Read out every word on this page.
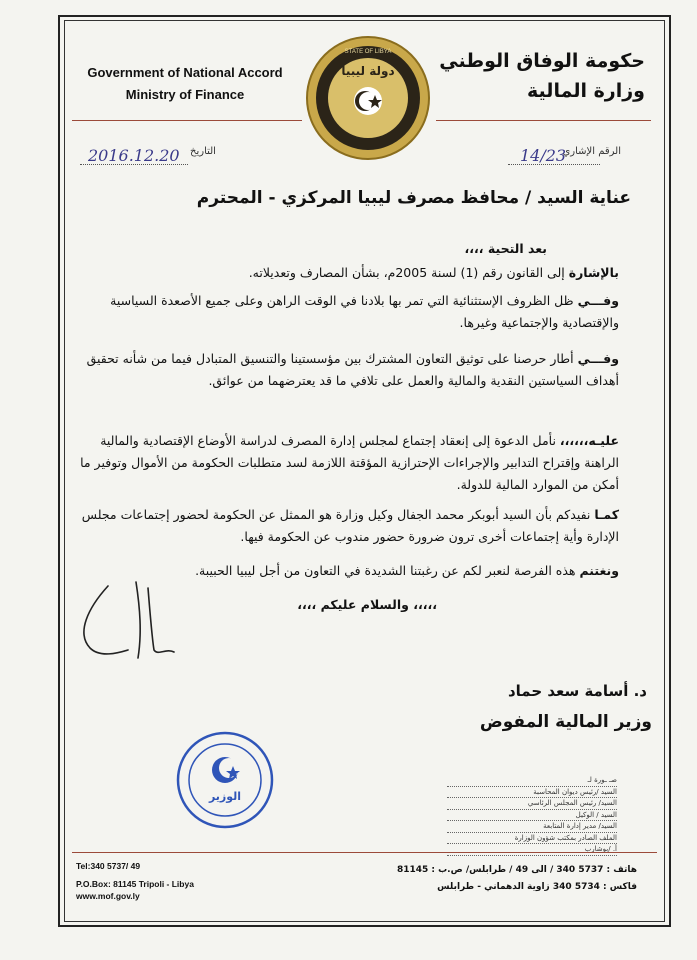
Government of National Accord
Ministry of Finance
حكومة الوفاق الوطني
وزارة المالية
دولة ليبيا
STATE OF LIBYA
الرقم الإشاري
14/23
التاريخ
2016.12.20
عناية السيد / محافظ مصرف ليبيا المركزي - المحترم
بعد التحية ،،،،
بالإشارة إلى القانون رقم (1) لسنة 2005م، بشأن المصارف وتعديلاته.
وفـــي ظل الظروف الإستثنائية التي تمر بها بلادنا في الوقت الراهن وعلى جميع الأصعدة السياسية والإقتصادية والإجتماعية وغيرها.
وفـــي أطار حرصنا على توثيق التعاون المشترك بين مؤسستينا والتنسيق المتبادل فيما من شأنه تحقيق أهداف السياستين النقدية والمالية والعمل على تلافي ما قد يعترضهما من عوائق.
عليـه،،،،،، نأمل الدعوة إلى إنعقاد إجتماع لمجلس إدارة المصرف لدراسة الأوضاع الإقتصادية والمالية الراهنة وإقتراح التدابير والإجراءات الإحترازية المؤقتة اللازمة لسد متطلبات الحكومة من الأموال وتوفير ما أمكن من الموارد المالية للدولة.
كمـا نفيدكم بأن السيد أبوبكر محمد الجفال وكيل وزارة هو الممثل عن الحكومة لحضور إجتماعات مجلس الإدارة وأية إجتماعات أخرى ترون ضرورة حضور مندوب عن الحكومة فيها.
ونغتنم هذه الفرصة لنعبر لكم عن رغبتنا الشديدة في التعاون من أجل ليبيا الحبيبة.
،،،،، والسلام عليكم ،،،،
د. أسامة سعد حماد
وزير المالية المفوض
الوزير
صـ ـورة لـ
السيد /رئيس ديوان المحاسبة
السيد/ رئيس المجلس الرئاسي
السيد / الوكيل
السيد/ مدير إدارة المتابعة
الملف الصادر بمكتب شؤون الوزارة
أ. /بوشارب
Tel:340 5737/ 49
P.O.Box: 81145 Tripoli - Libya
www.mof.gov.ly
هاتف : 5737 340 / الى 49 / طرابلس/ ص.ب : 81145
فاكس : 5734 340 زاوية الدهماني - طرابلس
